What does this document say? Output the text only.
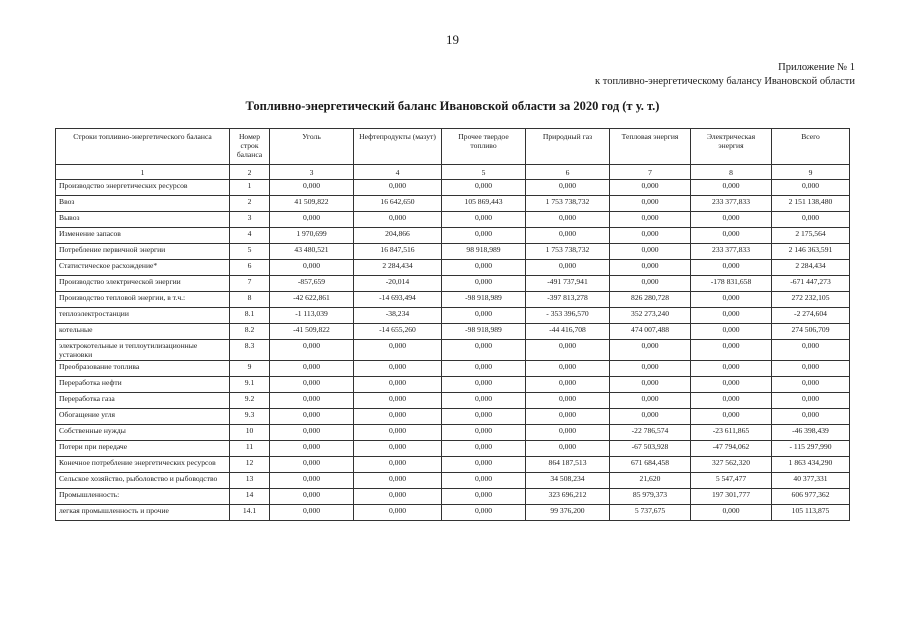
19
Приложение № 1
к топливно-энергетическому балансу Ивановской области
Топливно-энергетический баланс Ивановской области за 2020 год (т у. т.)
Строки топливно-энергетического баланса	Номер строк баланса	Уголь	Нефтепродукты (мазут)	Прочее твердое топливо	Природный газ	Тепловая энергия	Электрическая энергия	Всего
1	2	3	4	5	6	7	8	9
Производство энергетических ресурсов	1	0,000	0,000	0,000	0,000	0,000	0,000	0,000
Ввоз	2	41 509,822	16 642,650	105 869,443	1 753 738,732	0,000	233 377,833	2 151 138,480
Вывоз	3	0,000	0,000	0,000	0,000	0,000	0,000	0,000
Изменение запасов	4	1 970,699	204,866	0,000	0,000	0,000	0,000	2 175,564
Потребление первичной энергии	5	43 480,521	16 847,516	98 918,989	1 753 738,732	0,000	233 377,833	2 146 363,591
Статистическое расхождение*	6	0,000	2 284,434	0,000	0,000	0,000	0,000	2 284,434
Производство электрической энергии	7	-857,659	-20,014	0,000	-491 737,941	0,000	-178 831,658	-671 447,273
Производство тепловой энергии, в т.ч.:	8	-42 622,861	-14 693,494	-98 918,989	-397 813,278	826 280,728	0,000	272 232,105
теплоэлектростанции	8.1	-1 113,039	-38,234	0,000	- 353 396,570	352 273,240	0,000	-2 274,604
котельные	8.2	-41 509,822	-14 655,260	-98 918,989	-44 416,708	474 007,488	0,000	274 506,709
электрокотельные и теплоутилизационные установки	8.3	0,000	0,000	0,000	0,000	0,000	0,000	0,000
Преобразование топлива	9	0,000	0,000	0,000	0,000	0,000	0,000	0,000
Переработка нефти	9.1	0,000	0,000	0,000	0,000	0,000	0,000	0,000
Переработка газа	9.2	0,000	0,000	0,000	0,000	0,000	0,000	0,000
Обогащение угля	9.3	0,000	0,000	0,000	0,000	0,000	0,000	0,000
Собственные нужды	10	0,000	0,000	0,000	0,000	-22 786,574	-23 611,865	-46 398,439
Потери при передаче	11	0,000	0,000	0,000	0,000	-67 503,928	-47 794,062	- 115 297,990
Конечное потребление энергетических ресурсов	12	0,000	0,000	0,000	864 187,513	671 684,458	327 562,320	1 863 434,290
Сельское хозяйство, рыболовство и рыбоводство	13	0,000	0,000	0,000	34 508,234	21,620	5 547,477	40 377,331
Промышленность:	14	0,000	0,000	0,000	323 696,212	85 979,373	197 301,777	606 977,362
легкая промышленность и прочие	14.1	0,000	0,000	0,000	99 376,200	5 737,675	0,000	105 113,875
